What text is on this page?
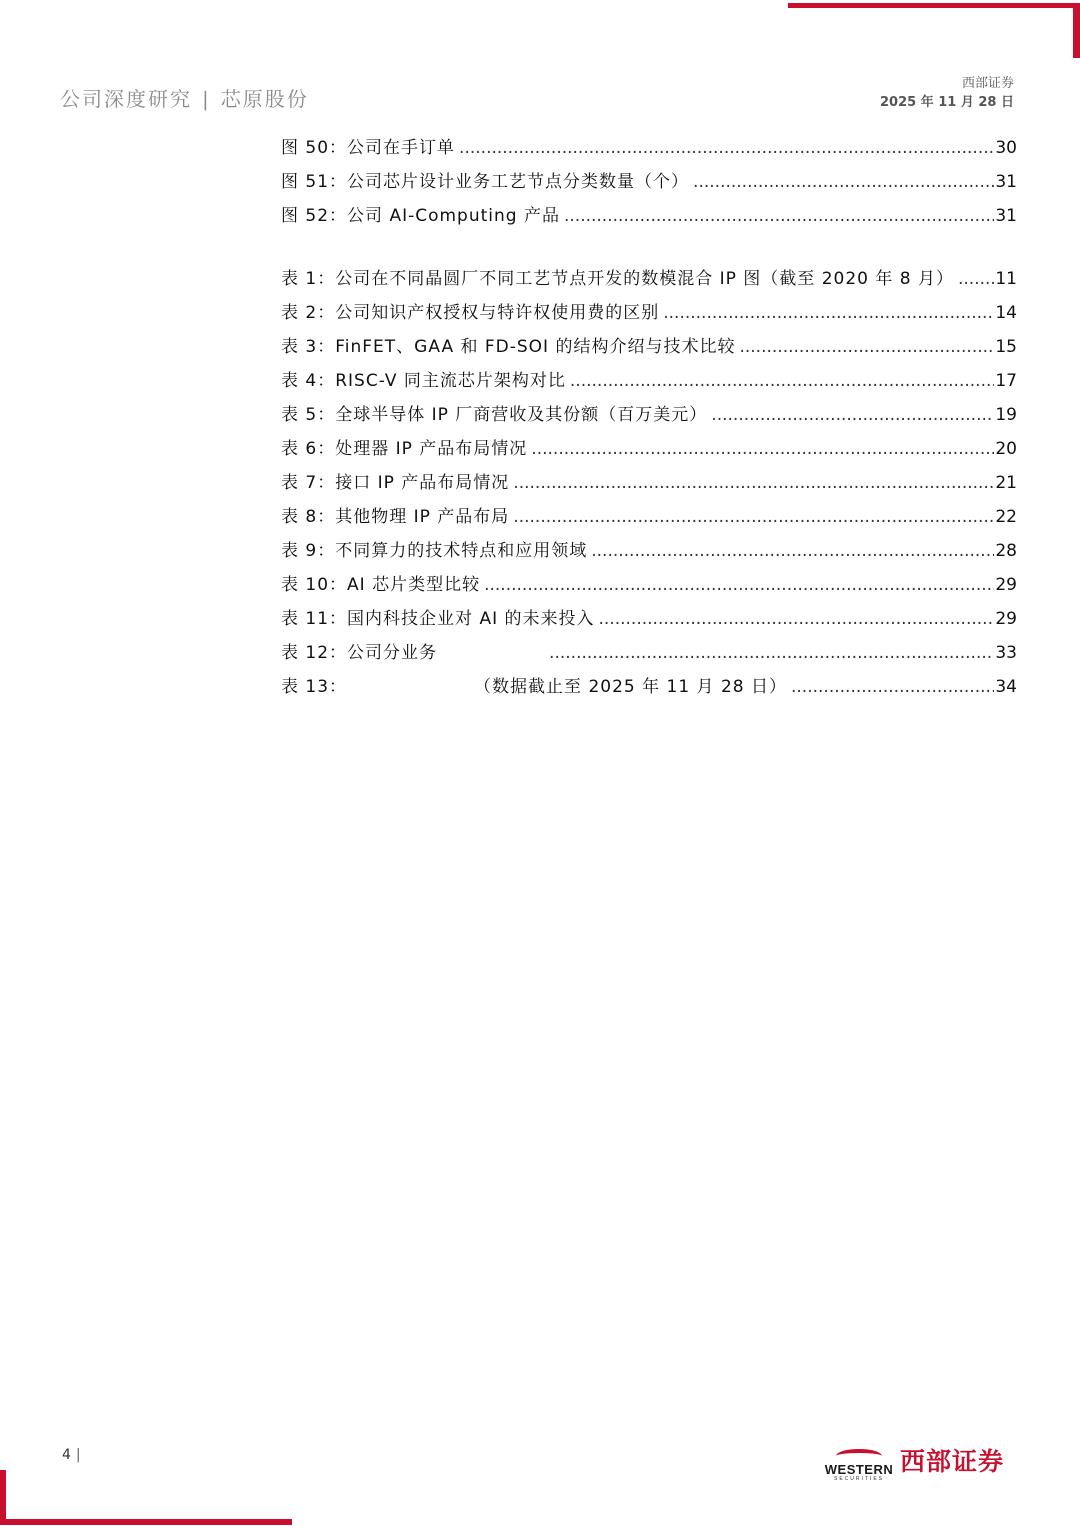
公司深度研究 | 芯原股份
西部证券
2025 年 11 月 28 日
图 50：公司在手订单 .....	30
图 51：公司芯片设计业务工艺节点分类数量（个） .....	31
图 52：公司 AI-Computing 产品 .....	31
表 1：公司在不同晶圆厂不同工艺节点开发的数模混合 IP 图（截至 2020 年 8 月） ..... 11
表 2：公司知识产权授权与特许权使用费的区别 .....	14
表 3：FinFET、GAA 和 FD-SOI 的结构介绍与技术比较 .....	15
表 4：RISC-V 同主流芯片架构对比 .....	17
表 5：全球半导体 IP 厂商营收及其份额（百万美元） .....	19
表 6：处理器 IP 产品布局情况 .....	20
表 7：接口 IP 产品布局情况 .....	21
表 8：其他物理 IP 产品布局 .....	22
表 9：不同算力的技术特点和应用领域 .....	28
表 10：AI 芯片类型比较 .....	29
表 11：国内科技企业对 AI 的未来投入 .....	29
表 12：公司分业务　　　　　　 .....	33
表 13：　　　　　　　　（数据截止至 2025 年 11 月 28 日） .....	34
4 |
WESTERN
SECURITIES
西部证券
